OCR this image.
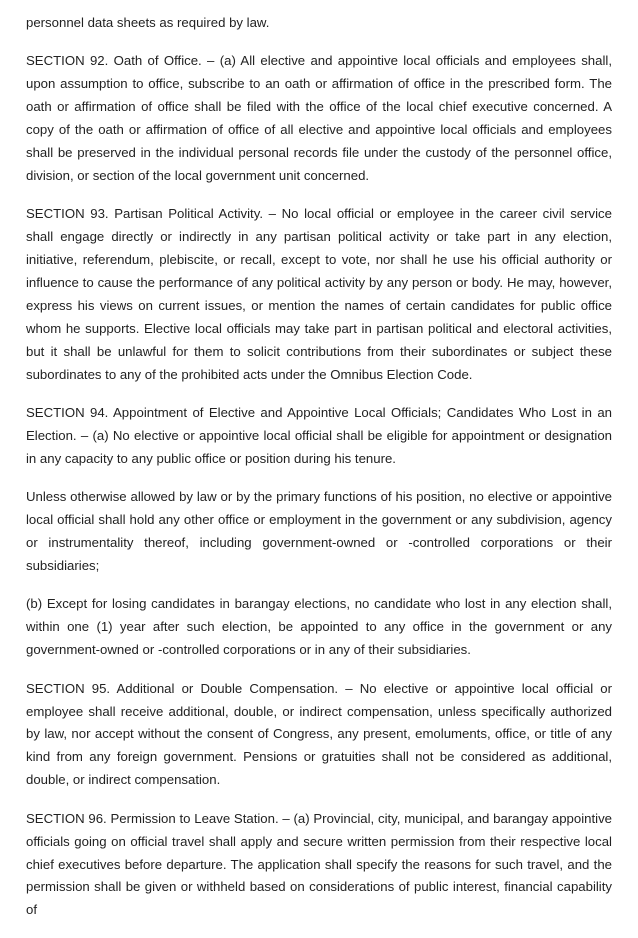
personnel data sheets as required by law.

SECTION 92. Oath of Office. – (a) All elective and appointive local officials and employees shall, upon assumption to office, subscribe to an oath or affirmation of office in the prescribed form. The oath or affirmation of office shall be filed with the office of the local chief executive concerned. A copy of the oath or affirmation of office of all elective and appointive local officials and employees shall be preserved in the individual personal records file under the custody of the personnel office, division, or section of the local government unit concerned.

SECTION 93. Partisan Political Activity. – No local official or employee in the career civil service shall engage directly or indirectly in any partisan political activity or take part in any election, initiative, referendum, plebiscite, or recall, except to vote, nor shall he use his official authority or influence to cause the performance of any political activity by any person or body. He may, however, express his views on current issues, or mention the names of certain candidates for public office whom he supports. Elective local officials may take part in partisan political and electoral activities, but it shall be unlawful for them to solicit contributions from their subordinates or subject these subordinates to any of the prohibited acts under the Omnibus Election Code.

SECTION 94. Appointment of Elective and Appointive Local Officials; Candidates Who Lost in an Election. – (a) No elective or appointive local official shall be eligible for appointment or designation in any capacity to any public office or position during his tenure.

Unless otherwise allowed by law or by the primary functions of his position, no elective or appointive local official shall hold any other office or employment in the government or any subdivision, agency or instrumentality thereof, including government-owned or -controlled corporations or their subsidiaries;

(b) Except for losing candidates in barangay elections, no candidate who lost in any election shall, within one (1) year after such election, be appointed to any office in the government or any government-owned or -controlled corporations or in any of their subsidiaries.

SECTION 95. Additional or Double Compensation. – No elective or appointive local official or employee shall receive additional, double, or indirect compensation, unless specifically authorized by law, nor accept without the consent of Congress, any present, emoluments, office, or title of any kind from any foreign government. Pensions or gratuities shall not be considered as additional, double, or indirect compensation.

SECTION 96. Permission to Leave Station. – (a) Provincial, city, municipal, and barangay appointive officials going on official travel shall apply and secure written permission from their respective local chief executives before departure. The application shall specify the reasons for such travel, and the permission shall be given or withheld based on considerations of public interest, financial capability of
